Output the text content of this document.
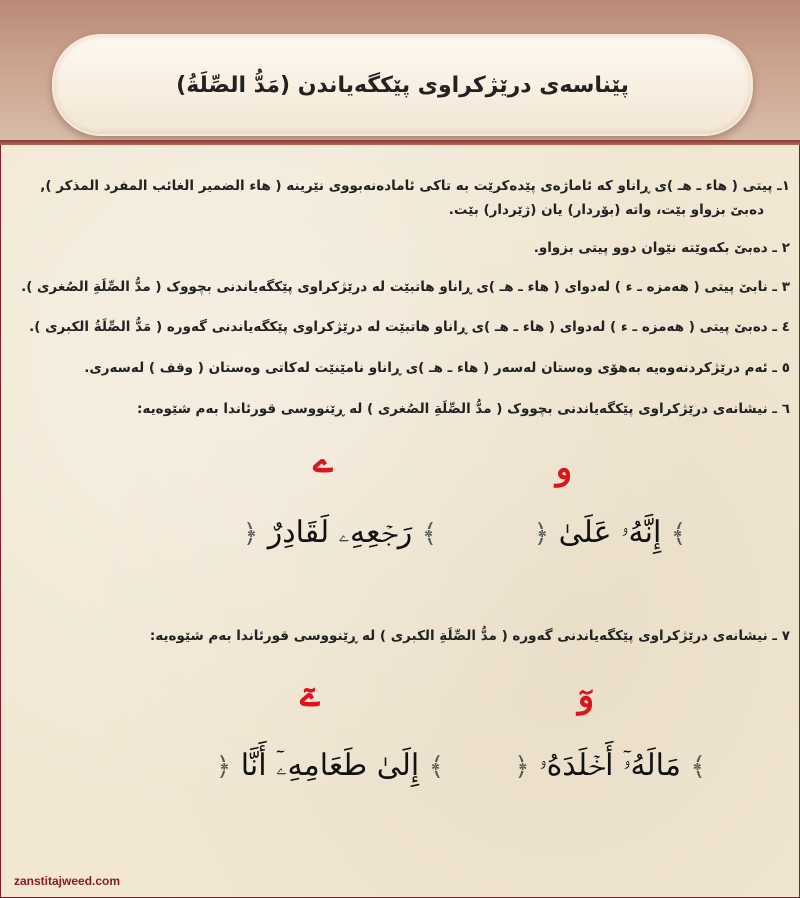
پێناسەی درێژکراوی پێکگەیاندن (مَدُّ الصِّلَةُ)
١ـ پیتی ( هاء ـ هـ )ی ڕاناو کە ئاماژەی پێدەکرێت بە تاکی ئامادەنەبووی نێرینە ( هاء الضمیر الغائب المفرد المذكر ),
دەبێ بزواو بێت، واتە (بۆردار) یان (ژێردار) بێت.
٢ ـ دەبێ بکەوێتە نێوان دوو پیتی بزواو.
٣ ـ نابێ پیتی ( هەمزە ـ ء ) لەدوای ( هاء ـ هـ )ی ڕاناو هاتبێت لە درێژکراوی پێکگەیاندنی بچووک ( مدُّ الصِّلَةِ الصُغری ).
٤ ـ دەبێ پیتی ( هەمزە ـ ء ) لەدوای ( هاء ـ هـ )ی ڕاناو هاتبێت لە درێژکراوی پێکگەیاندنی گەورە ( مَدُّ الصِّلَةُ الکبری ).
٥ ـ ئەم درێژکردنەوەیە بەهۆی وەستان لەسەر ( هاء ـ هـ )ی ڕاناو نامێنێت لەکاتی وەستان ( وقف ) لەسەری.
٦ ـ نیشانەی درێژکراوی پێکگەیاندنی بچووک ( مدُّ الصِّلَةِ الصُغری ) لە ڕێنووسی قورئاندا بەم شێوەیە:
و
ے
﴾ إِنَّهُۥ عَلَىٰ ﴿
﴾ رَجۡعِهِۦ لَقَادِرٌ ﴿
٧ ـ نیشانەی درێژکراوی پێکگەیاندنی گەورە ( مدُّ الصِّلَةِ الکبری ) لە ڕێنووسی قورئاندا بەم شێوەیە:
وٓ
ےٓ
﴾ مَالَهُۥٓ أَخۡلَدَهُۥ ﴿
﴾ إِلَىٰ طَعَامِهِۦٓ أَنَّا ﴿
zanstitajweed.com
